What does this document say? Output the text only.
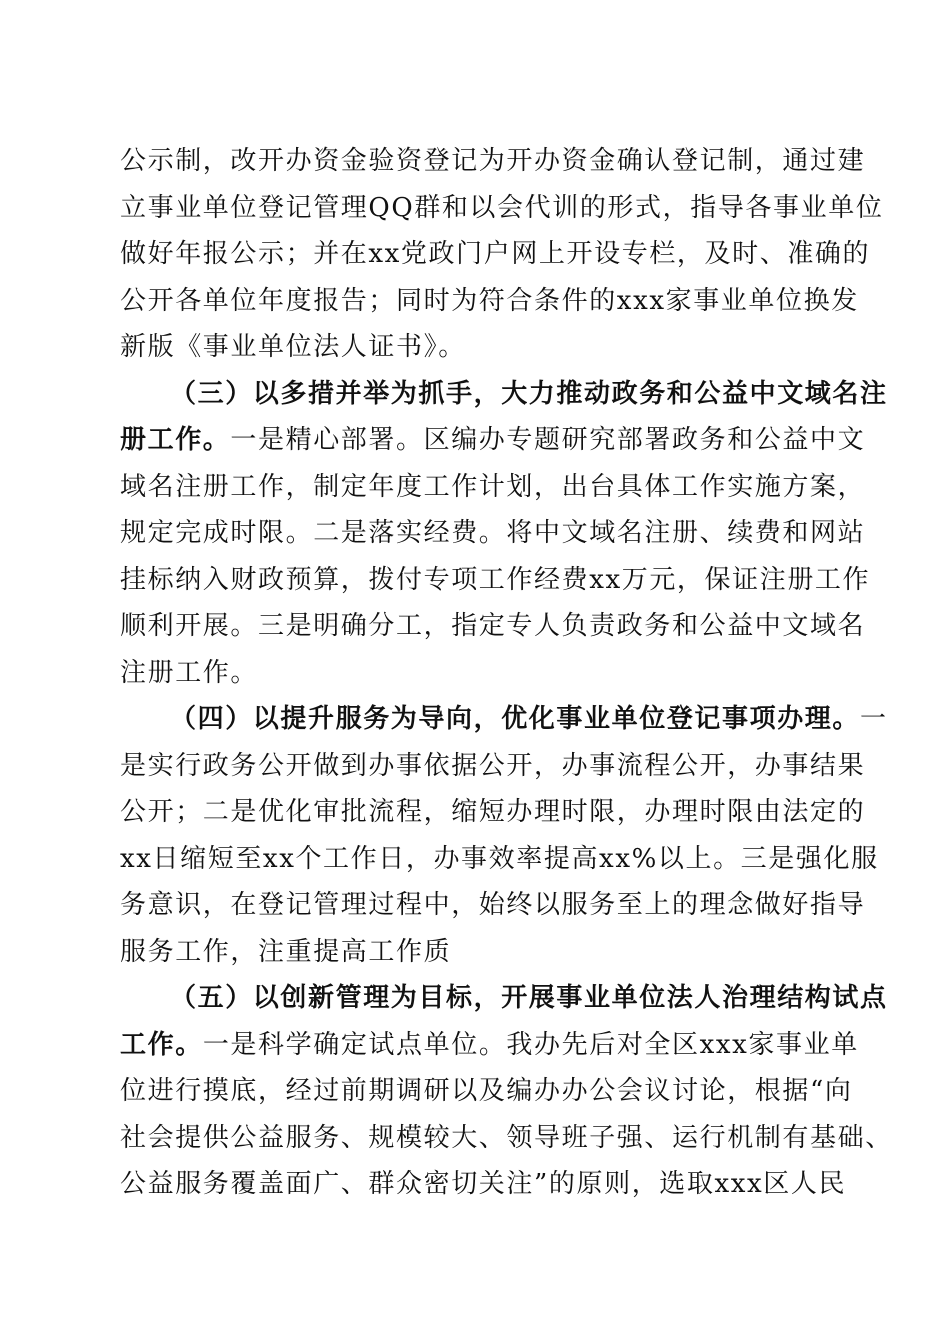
公示制，改开办资金验资登记为开办资金确认登记制，通过建
立事业单位登记管理QQ群和以会代训的形式，指导各事业单位
做好年报公示；并在xx党政门户网上开设专栏，及时、准确的
公开各单位年度报告；同时为符合条件的xxx家事业单位换发
新版《事业单位法人证书》。
（三）以多措并举为抓手，大力推动政务和公益中文域名注
册工作。一是精心部署。区编办专题研究部署政务和公益中文
域名注册工作，制定年度工作计划，出台具体工作实施方案，
规定完成时限。二是落实经费。将中文域名注册、续费和网站
挂标纳入财政预算，拨付专项工作经费xx万元，保证注册工作
顺利开展。三是明确分工，指定专人负责政务和公益中文域名
注册工作。
（四）以提升服务为导向，优化事业单位登记事项办理。一
是实行政务公开做到办事依据公开，办事流程公开，办事结果
公开；二是优化审批流程，缩短办理时限，办理时限由法定的
xx日缩短至xx个工作日，办事效率提高xx%以上。三是强化服
务意识，在登记管理过程中，始终以服务至上的理念做好指导
服务工作，注重提高工作质
（五）以创新管理为目标，开展事业单位法人治理结构试点
工作。一是科学确定试点单位。我办先后对全区xxx家事业单
位进行摸底，经过前期调研以及编办办公会议讨论，根据“向
社会提供公益服务、规模较大、领导班子强、运行机制有基础、
公益服务覆盖面广、群众密切关注”的原则，选取xxx区人民
